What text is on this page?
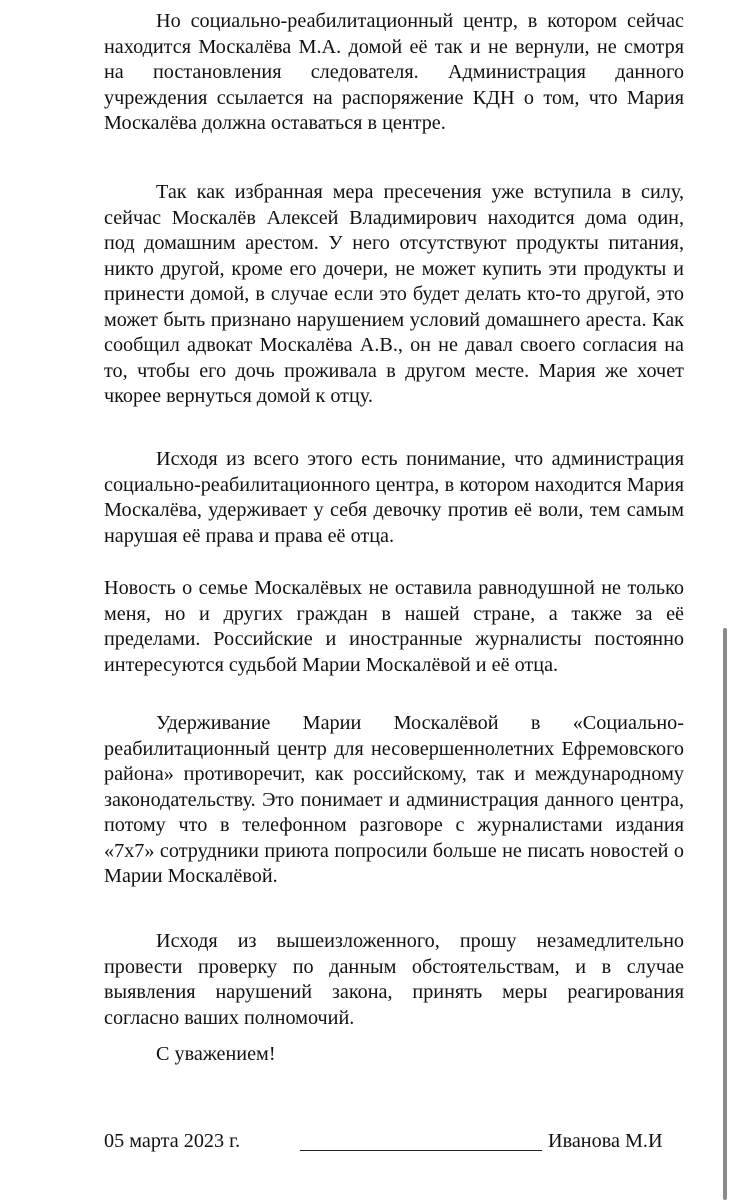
Но социально-реабилитационный центр, в котором сейчас находится Москалёва М.А. домой её так и не вернули, не смотря на постановления следователя. Администрация данного учреждения ссылается на распоряжение КДН о том, что Мария Москалёва должна оставаться в центре.

Так как избранная мера пресечения уже вступила в силу, сейчас Москалёв Алексей Владимирович находится дома один, под домашним арестом. У него отсутствуют продукты питания, никто другой, кроме его дочери, не может купить эти продукты и принести домой, в случае если это будет делать кто-то другой, это может быть признано нарушением условий домашнего ареста. Как сообщил адвокат Москалёва А.В., он не давал своего согласия на то, чтобы его дочь проживала в другом месте. Мария же хочет чкорее вернуться домой к отцу.

Исходя из всего этого есть понимание, что администрация социально-реабилитационного центра, в котором находится Мария Москалёва, удерживает у себя девочку против её воли, тем самым нарушая её права и права её отца.

Новость о семье Москалёвых не оставила равнодушной не только меня, но и других граждан в нашей стране, а также за её пределами. Российские и иностранные журналисты постоянно интересуются судьбой Марии Москалёвой и её отца.

Удерживание Марии Москалёвой в «Социально-реабилитационный центр для несовершеннолетних Ефремовского района» противоречит, как российскому, так и международному законодательству. Это понимает и администрация данного центра, потому что в телефонном разговоре с журналистами издания «7х7» сотрудники приюта попросили больше не писать новостей о Марии Москалёвой.

Исходя из вышеизложенного, прошу незамедлительно провести проверку по данным обстоятельствам, и в случае выявления нарушений закона, принять меры реагирования согласно ваших полномочий.

С уважением!

05 марта 2023 г.	Иванова М.И
